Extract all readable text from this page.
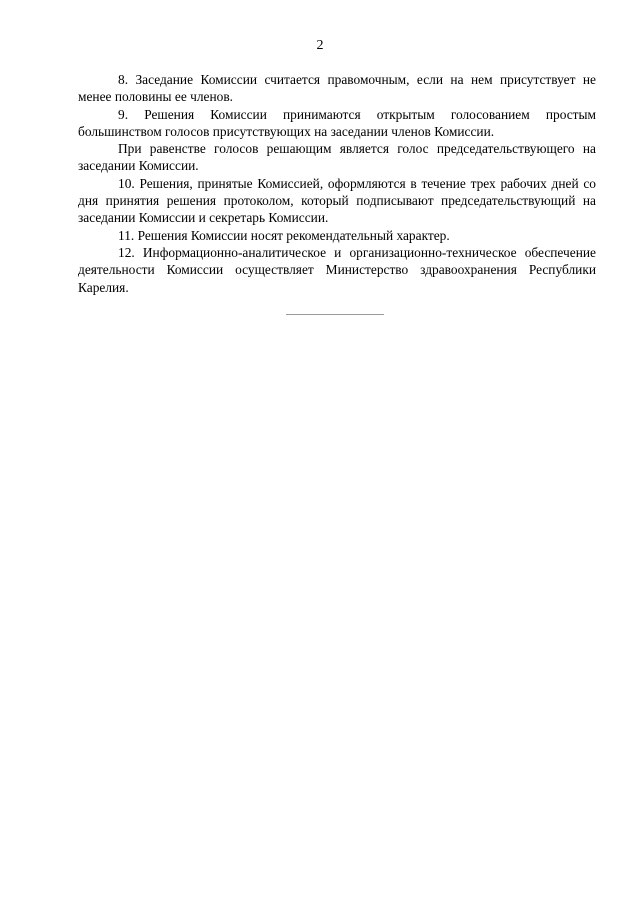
2

8. Заседание Комиссии считается правомочным, если на нем присутствует не менее половины ее членов.

9. Решения Комиссии принимаются открытым голосованием простым большинством голосов присутствующих на заседании членов Комиссии.

При равенстве голосов решающим является голос председательствующего на заседании Комиссии.

10. Решения, принятые Комиссией, оформляются в течение трех рабочих дней со дня принятия решения протоколом, который подписывают председательствующий на заседании Комиссии и секретарь Комиссии.

11. Решения Комиссии носят рекомендательный характер.

12. Информационно-аналитическое и организационно-техническое обеспечение деятельности Комиссии осуществляет Министерство здравоохранения Республики Карелия.
